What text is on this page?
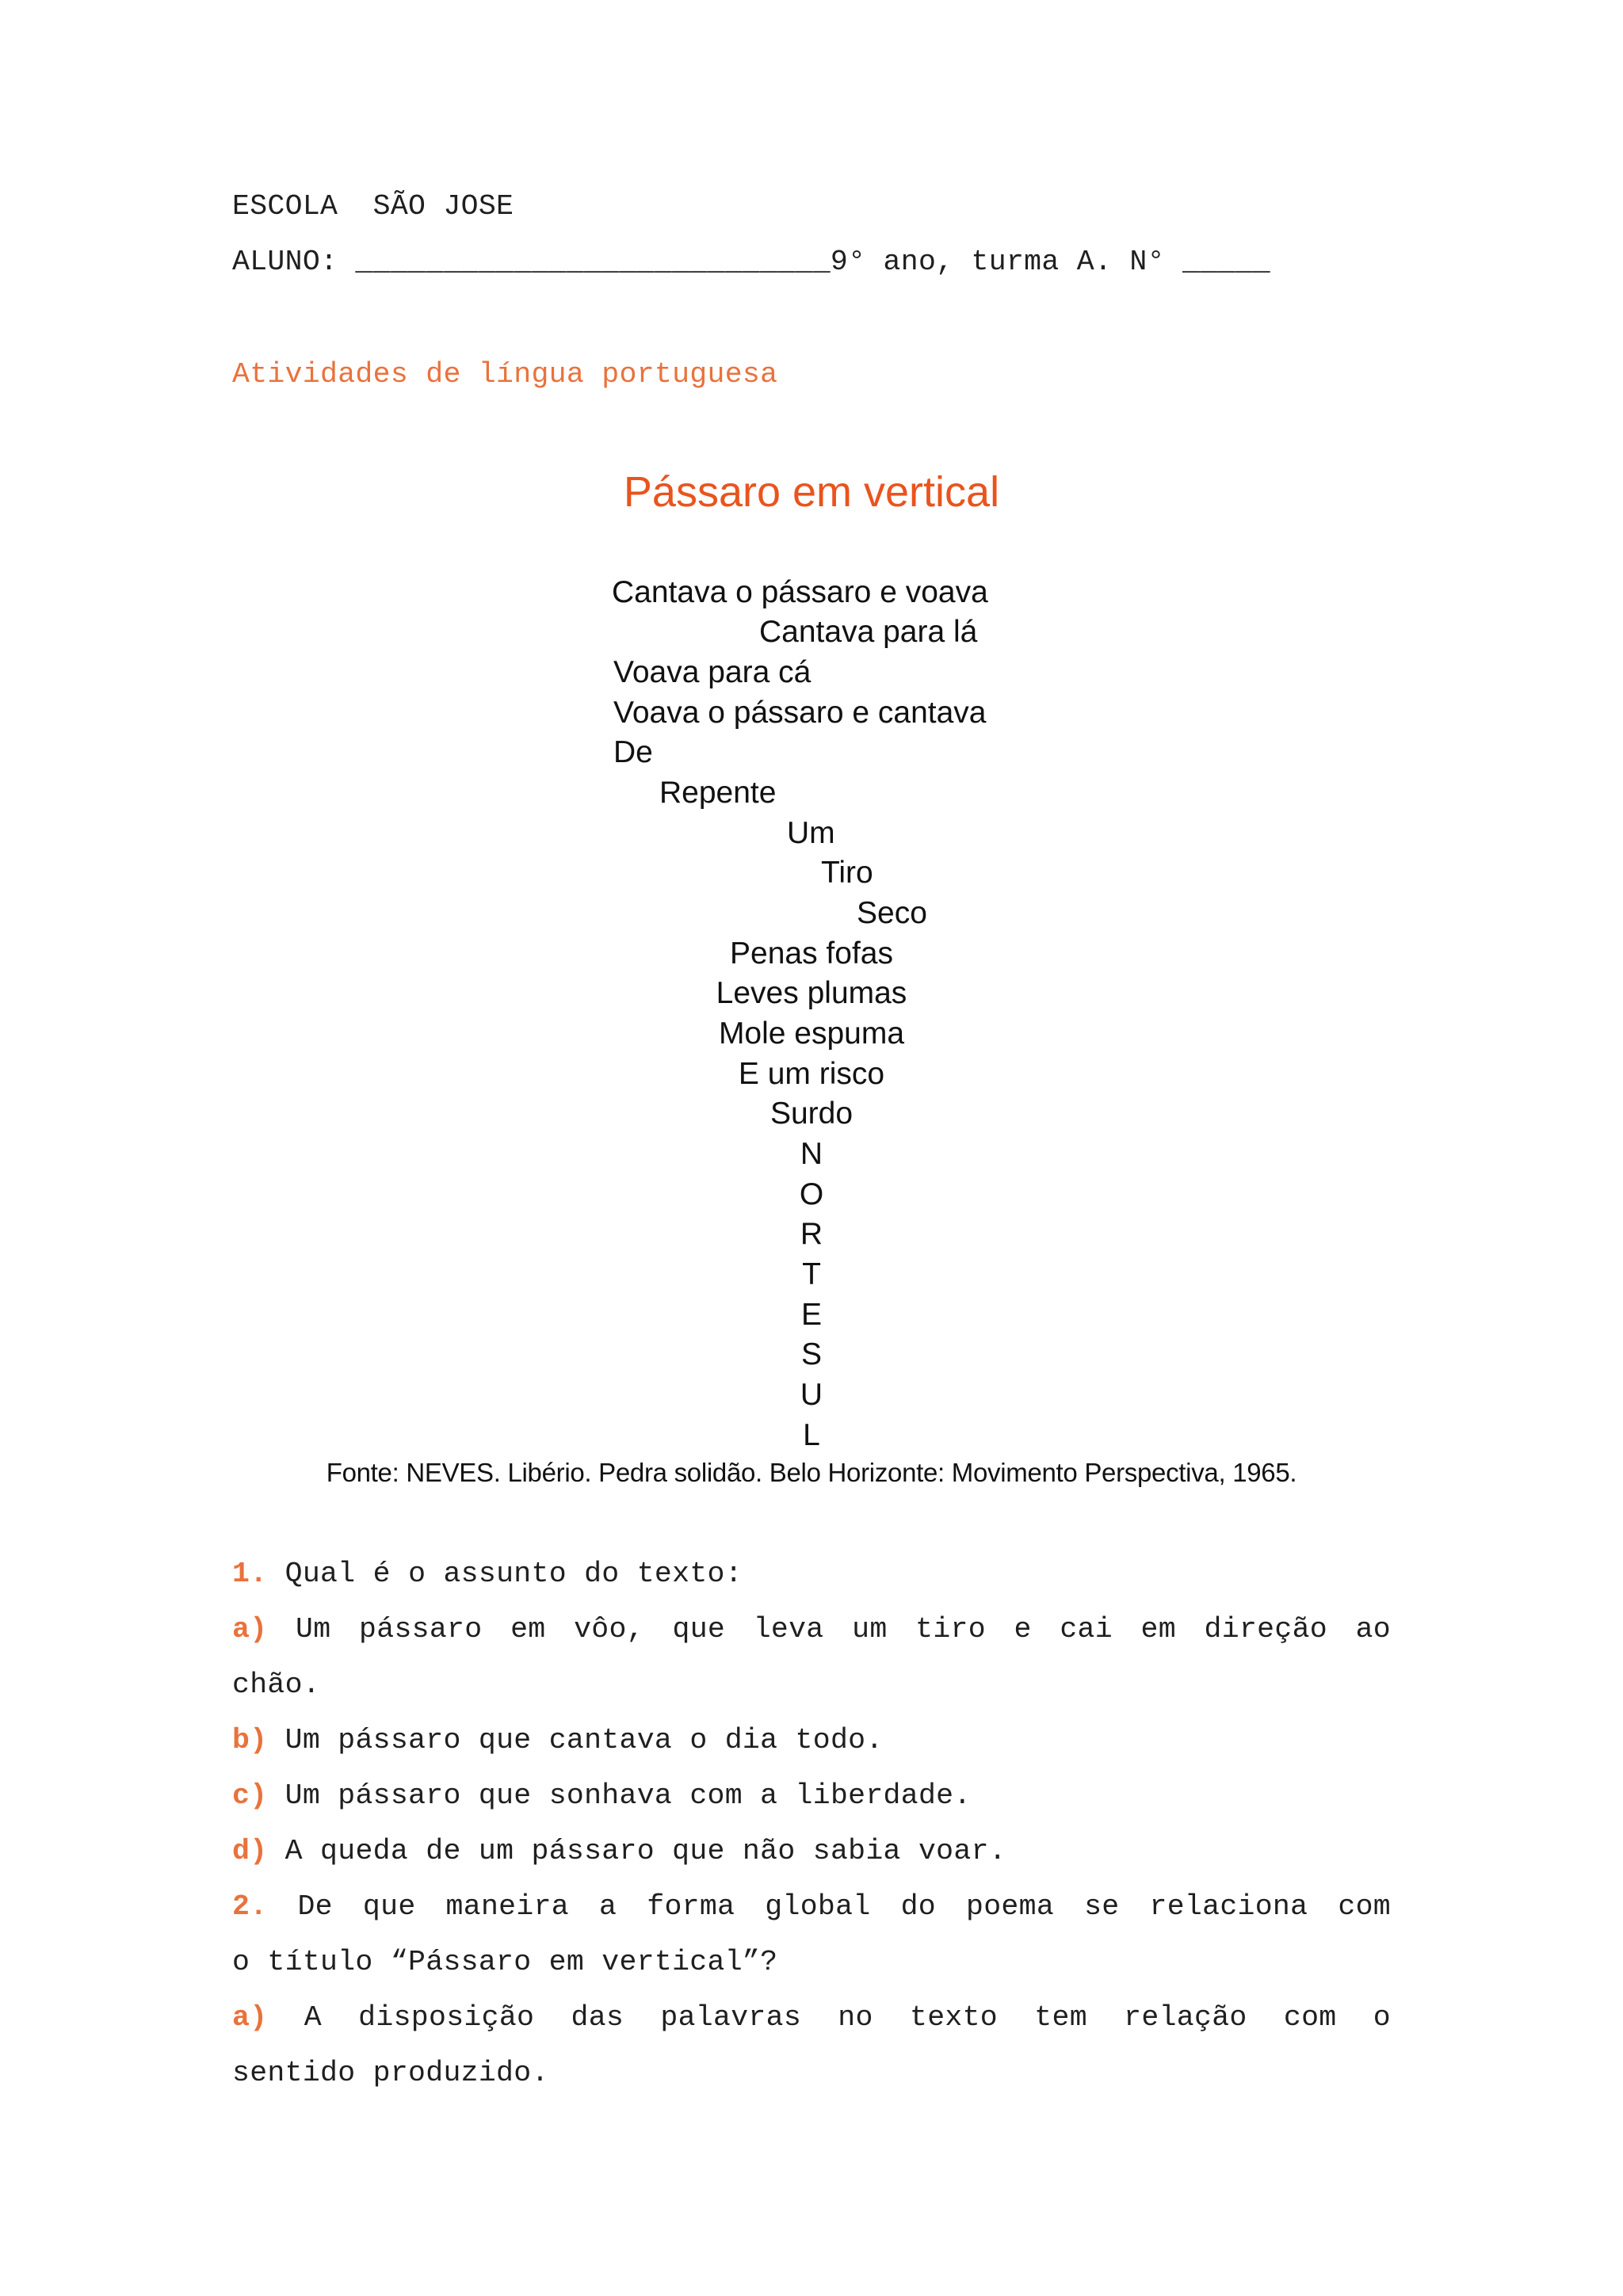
ESCOLA  SÃO JOSE
ALUNO: ___________________________9° ano, turma A. N° _____
Atividades de língua portuguesa
Pássaro em vertical
Cantava o pássaro e voava
Cantava para lá
Voava para cá
Voava o pássaro e cantava
De
Repente
Um
Tiro
Seco
Penas fofas
Leves plumas
Mole espuma
E um risco
Surdo
N
O
R
T
E
S
U
L
Fonte: NEVES. Libério. Pedra solidão. Belo Horizonte: Movimento Perspectiva, 1965.
1. Qual é o assunto do texto:
a) Um pássaro em vôo, que leva um tiro e cai em direção ao
chão.
b) Um pássaro que cantava o dia todo.
c) Um pássaro que sonhava com a liberdade.
d) A queda de um pássaro que não sabia voar.
2. De que maneira a forma global do poema se relaciona com
o título “Pássaro em vertical”?
a) A disposição das palavras no texto tem relação com o
sentido produzido.
